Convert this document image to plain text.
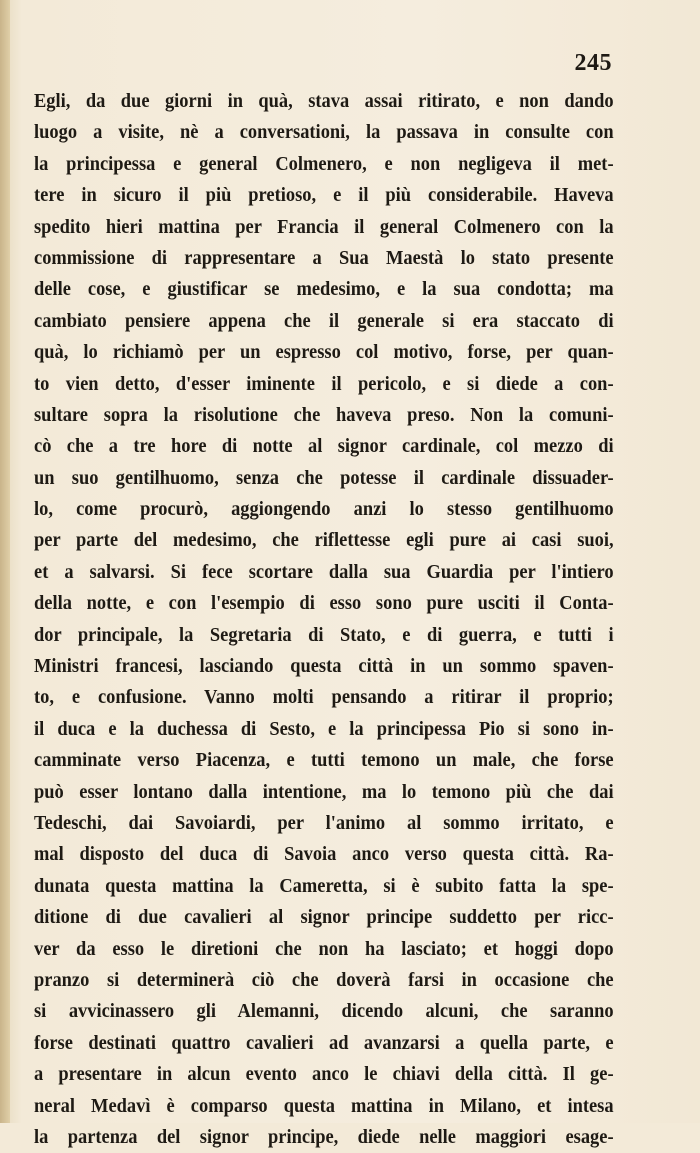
245
Egli, da due giorni in quà, stava assai ritirato, e non dando
luogo a visite, nè a conversationi, la passava in consulte con
la principessa e general Colmenero, e non negligeva il met-
tere in sicuro il più pretioso, e il più considerabile. Haveva
spedito hieri mattina per Francia il general Colmenero con la
commissione di rappresentare a Sua Maestà lo stato presente
delle cose, e giustificar se medesimo, e la sua condotta; ma
cambiato pensiere appena che il generale si era staccato di
quà, lo richiamò per un espresso col motivo, forse, per quan-
to vien detto, d'esser iminente il pericolo, e si diede a con-
sultare sopra la risolutione che haveva preso. Non la comuni-
cò che a tre hore di notte al signor cardinale, col mezzo di
un suo gentilhuomo, senza che potesse il cardinale dissuader-
lo, come procurò, aggiongendo anzi lo stesso gentilhuomo
per parte del medesimo, che riflettesse egli pure ai casi suoi,
et a salvarsi. Si fece scortare dalla sua Guardia per l'intiero
della notte, e con l'esempio di esso sono pure usciti il Conta-
dor principale, la Segretaria di Stato, e di guerra, e tutti i
Ministri francesi, lasciando questa città in un sommo spaven-
to, e confusione. Vanno molti pensando a ritirar il proprio;
il duca e la duchessa di Sesto, e la principessa Pio si sono in-
camminate verso Piacenza, e tutti temono un male, che forse
può esser lontano dalla intentione, ma lo temono più che dai
Tedeschi, dai Savoiardi, per l'animo al sommo irritato, e
mal disposto del duca di Savoia anco verso questa città. Ra-
dunata questa mattina la Cameretta, si è subito fatta la spe-
ditione di due cavalieri al signor principe suddetto per ricc-
ver da esso le diretioni che non ha lasciato; et hoggi dopo
pranzo si determinerà ciò che doverà farsi in occasione che
si avvicinassero gli Alemanni, dicendo alcuni, che saranno
forse destinati quattro cavalieri ad avanzarsi a quella parte, e
a presentare in alcun evento anco le chiavi della città. Il ge-
neral Medavì è comparso questa mattina in Milano, et intesa
la partenza del signor principe, diede nelle maggiori esage-
